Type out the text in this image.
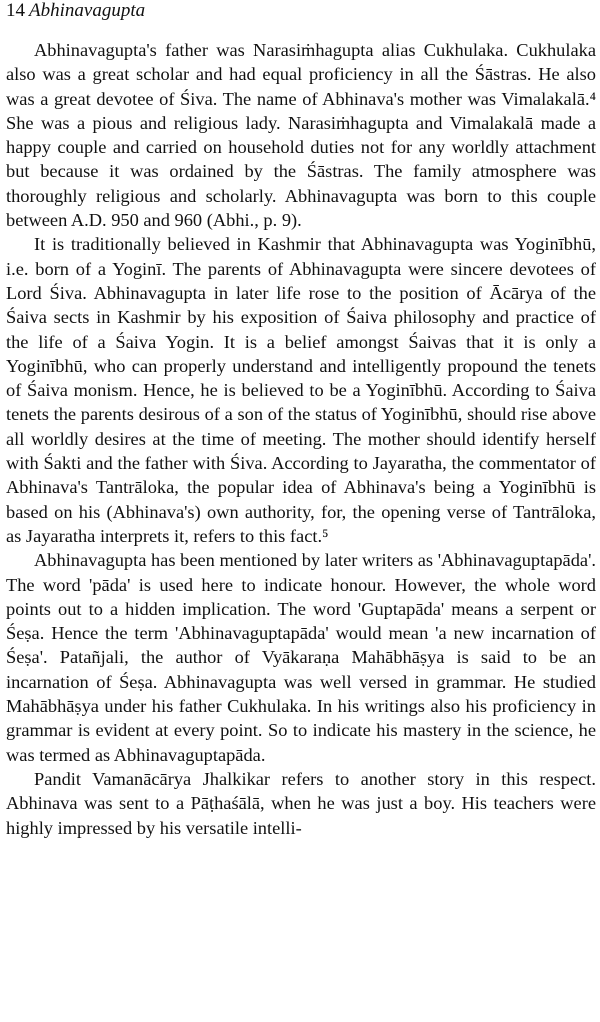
14 Abhinavagupta

Abhinavagupta's father was Narasiṁhagupta alias Cukhulaka. Cukhulaka also was a great scholar and had equal proficiency in all the Śāstras. He also was a great devotee of Śiva. The name of Abhinava's mother was Vimalakalā.⁴ She was a pious and religious lady. Narasiṁhagupta and Vimalakalā made a happy couple and carried on household duties not for any worldly attachment but because it was ordained by the Śāstras. The family atmosphere was thoroughly religious and scholarly. Abhinavagupta was born to this couple between A.D. 950 and 960 (Abhi., p. 9).

It is traditionally believed in Kashmir that Abhinavagupta was Yoginībhū, i.e. born of a Yoginī. The parents of Abhinavagupta were sincere devotees of Lord Śiva. Abhinavagupta in later life rose to the position of Ācārya of the Śaiva sects in Kashmir by his exposition of Śaiva philosophy and practice of the life of a Śaiva Yogin. It is a belief amongst Śaivas that it is only a Yoginībhū, who can properly understand and intelligently propound the tenets of Śaiva monism. Hence, he is believed to be a Yoginībhū. According to Śaiva tenets the parents desirous of a son of the status of Yoginībhū, should rise above all worldly desires at the time of meeting. The mother should identify herself with Śakti and the father with Śiva. According to Jayaratha, the commentator of Abhinava's Tantrāloka, the popular idea of Abhinava's being a Yoginībhū is based on his (Abhinava's) own authority, for, the opening verse of Tantrāloka, as Jayaratha interprets it, refers to this fact.⁵

Abhinavagupta has been mentioned by later writers as 'Abhinavaguptapāda'. The word 'pāda' is used here to indicate honour. However, the whole word points out to a hidden implication. The word 'Guptapāda' means a serpent or Śeṣa. Hence the term 'Abhinavaguptapāda' would mean 'a new incarnation of Śeṣa'. Patañjali, the author of Vyākaraṇa Mahābhāṣya is said to be an incarnation of Śeṣa. Abhinavagupta was well versed in grammar. He studied Mahābhāṣya under his father Cukhulaka. In his writings also his proficiency in grammar is evident at every point. So to indicate his mastery in the science, he was termed as Abhinavaguptapāda.

Pandit Vamanācārya Jhalkikar refers to another story in this respect. Abhinava was sent to a Pāṭhaśālā, when he was just a boy. His teachers were highly impressed by his versatile intelli-
